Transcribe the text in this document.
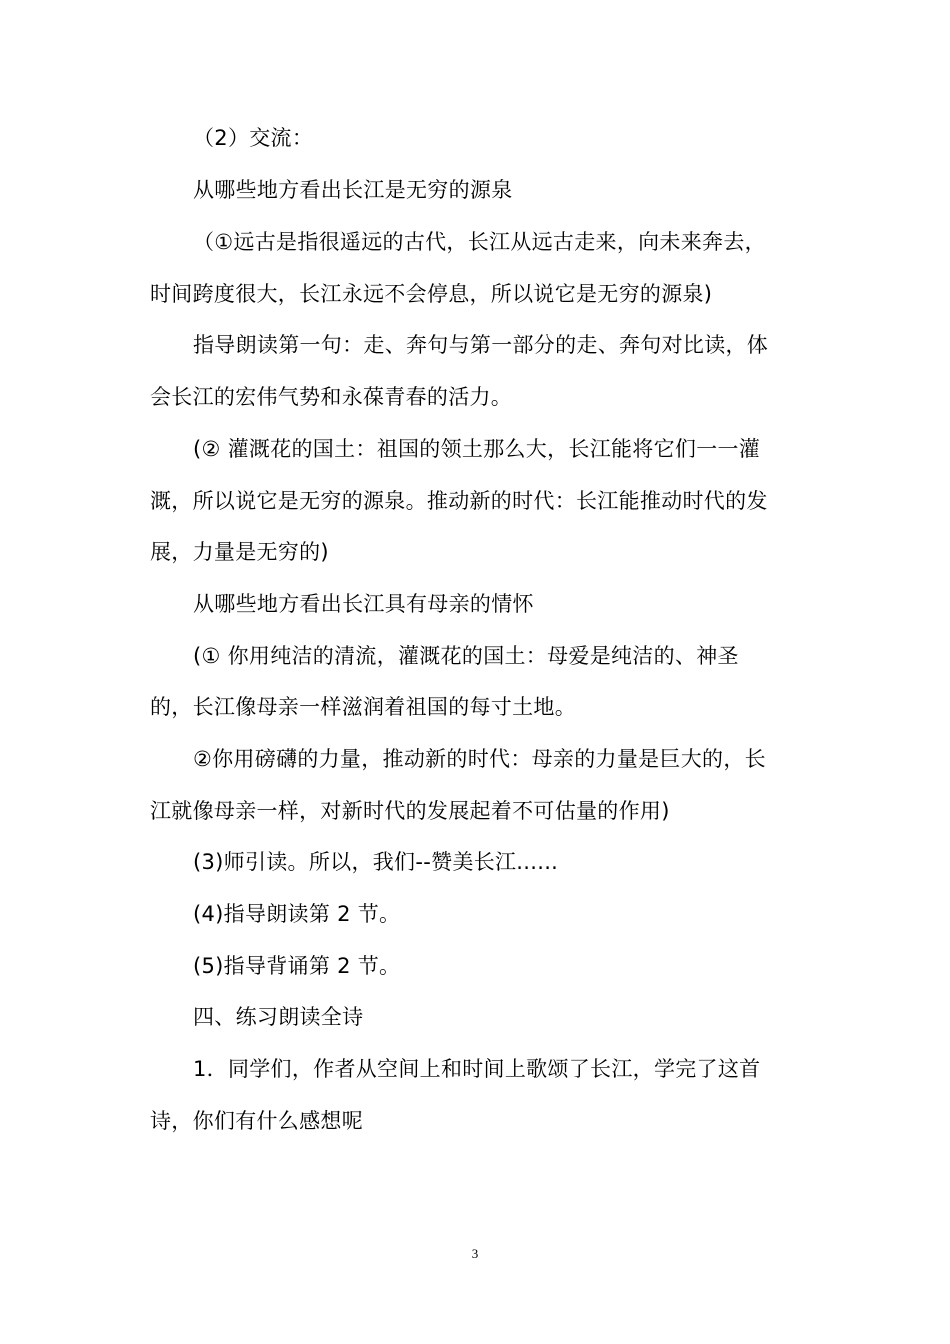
（2）交流：
从哪些地方看出长江是无穷的源泉
（①远古是指很遥远的古代，长江从远古走来，向未来奔去，
时间跨度很大，长江永远不会停息，所以说它是无穷的源泉)
指导朗读第一句：走、奔句与第一部分的走、奔句对比读，体
会长江的宏伟气势和永葆青春的活力。
(② 灌溉花的国土：祖国的领土那么大，长江能将它们一一灌
溉，所以说它是无穷的源泉。推动新的时代：长江能推动时代的发
展，力量是无穷的)
从哪些地方看出长江具有母亲的情怀
(① 你用纯洁的清流，灌溉花的国土：母爱是纯洁的、神圣
的，长江像母亲一样滋润着祖国的每寸土地。
②你用磅礴的力量，推动新的时代：母亲的力量是巨大的，长
江就像母亲一样，对新时代的发展起着不可估量的作用)
(3)师引读。所以，我们--赞美长江......
(4)指导朗读第 2 节。
(5)指导背诵第 2 节。
四、练习朗读全诗
1．同学们，作者从空间上和时间上歌颂了长江，学完了这首
诗，你们有什么感想呢
3
